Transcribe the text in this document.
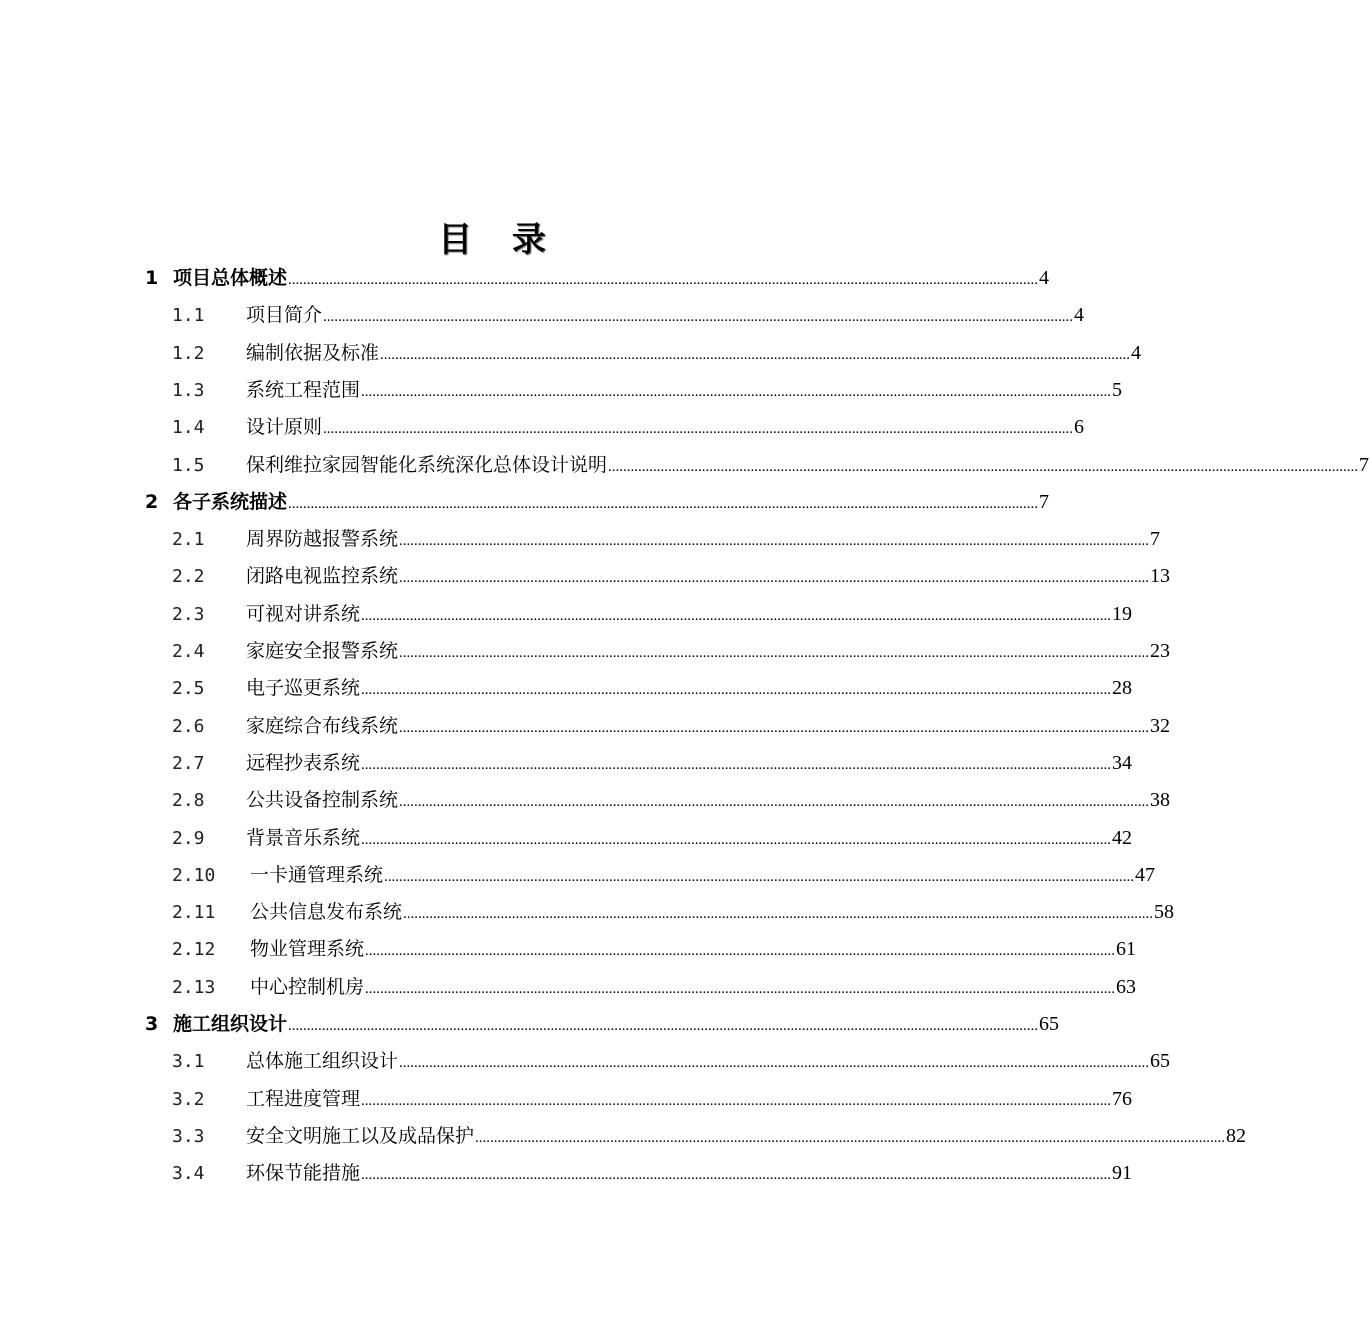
目 录
1 项目总体概述 ........................................................................................................................................................................................................ 4
1.1	项目简介 ........................................................................................................................................................................................................ 4
1.2	编制依据及标准 ........................................................................................................................................................................................................ 4
1.3	系统工程范围 ........................................................................................................................................................................................................ 5
1.4	设计原则 ........................................................................................................................................................................................................ 6
1.5	保利维拉家园智能化系统深化总体设计说明 ........................................................................................................................................................................................................ 7
2 各子系统描述 ........................................................................................................................................................................................................ 7
2.1	周界防越报警系统 ........................................................................................................................................................................................................ 7
2.2	闭路电视监控系统 ........................................................................................................................................................................................................ 13
2.3	可视对讲系统 ........................................................................................................................................................................................................ 19
2.4	家庭安全报警系统 ........................................................................................................................................................................................................ 23
2.5	电子巡更系统 ........................................................................................................................................................................................................ 28
2.6	家庭综合布线系统 ........................................................................................................................................................................................................ 32
2.7	远程抄表系统 ........................................................................................................................................................................................................ 34
2.8	公共设备控制系统 ........................................................................................................................................................................................................ 38
2.9	背景音乐系统 ........................................................................................................................................................................................................ 42
2.10	一卡通管理系统 ........................................................................................................................................................................................................ 47
2.11	公共信息发布系统 ........................................................................................................................................................................................................ 58
2.12	物业管理系统 ........................................................................................................................................................................................................ 61
2.13	中心控制机房 ........................................................................................................................................................................................................ 63
3 施工组织设计 ........................................................................................................................................................................................................ 65
3.1	总体施工组织设计 ........................................................................................................................................................................................................ 65
3.2	工程进度管理 ........................................................................................................................................................................................................ 76
3.3	安全文明施工以及成品保护 ........................................................................................................................................................................................................ 82
3.4	环保节能措施 ........................................................................................................................................................................................................ 91
